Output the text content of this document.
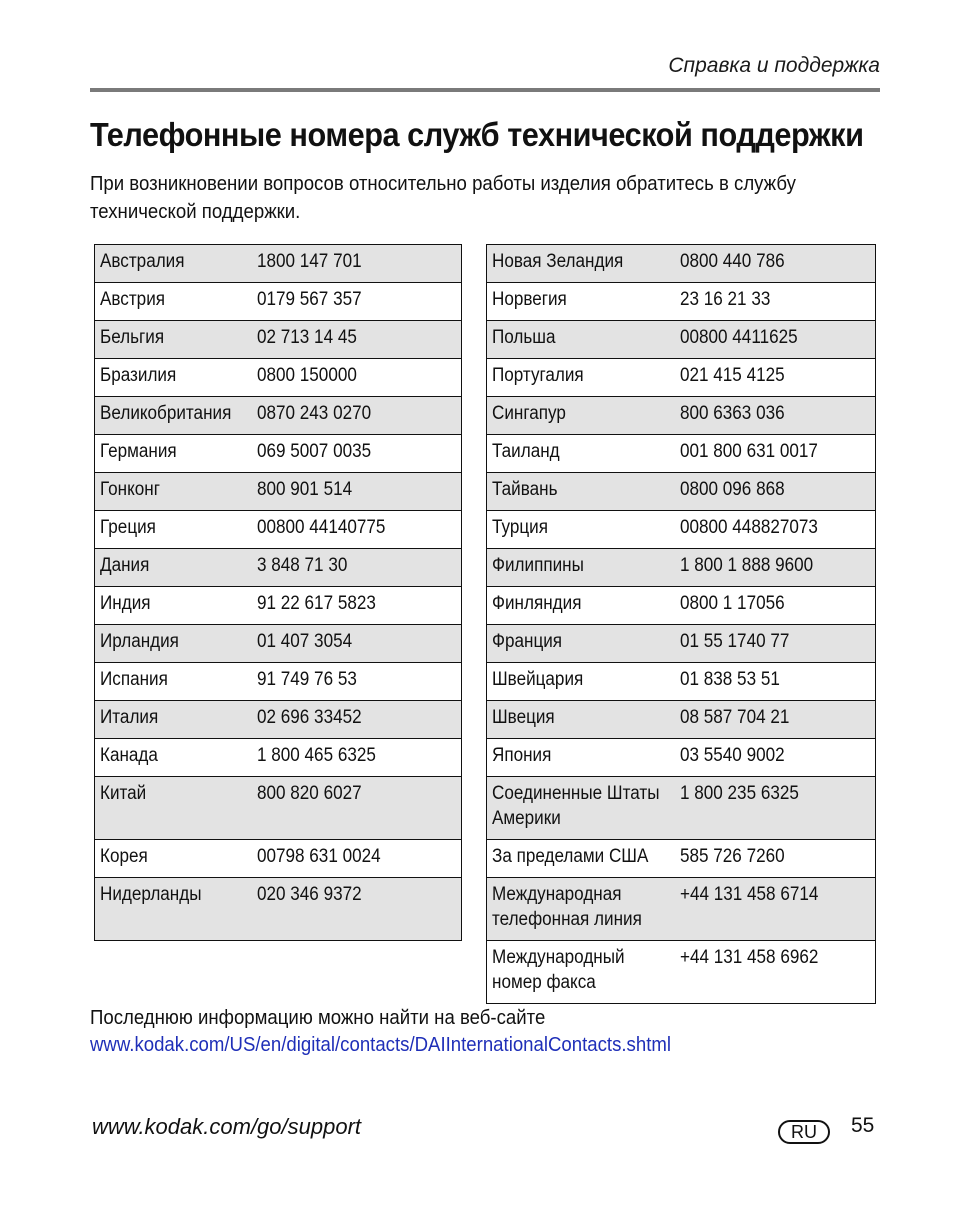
Справка и поддержка
Телефонные номера служб технической поддержки

При возникновении вопросов относительно работы изделия обратитесь в службу технической поддержки.

Австралия	1800 147 701
Австрия	0179 567 357
Бельгия	02 713 14 45
Бразилия	0800 150000
Великобритания	0870 243 0270
Германия	069 5007 0035
Гонконг	800 901 514
Греция	00800 44140775
Дания	3 848 71 30
Индия	91 22 617 5823
Ирландия	01 407 3054
Испания	91 749 76 53
Италия	02 696 33452
Канада	1 800 465 6325
Китай	800 820 6027
Корея	00798 631 0024
Нидерланды	020 346 9372
Новая Зеландия	0800 440 786
Норвегия	23 16 21 33
Польша	00800 4411625
Португалия	021 415 4125
Сингапур	800 6363 036
Таиланд	001 800 631 0017
Тайвань	0800 096 868
Турция	00800 448827073
Филиппины	1 800 1 888 9600
Финляндия	0800 1 17056
Франция	01 55 1740 77
Швейцария	01 838 53 51
Швеция	08 587 704 21
Япония	03 5540 9002
Соединенные Штаты Америки	1 800 235 6325
За пределами США	585 726 7260
Международная телефонная линия	+44 131 458 6714
Международный номер факса	+44 131 458 6962

Последнюю информацию можно найти на веб-сайте

www.kodak.com/US/en/digital/contacts/DAIInternationalContacts.shtml
www.kodak.com/go/support	RU	55
